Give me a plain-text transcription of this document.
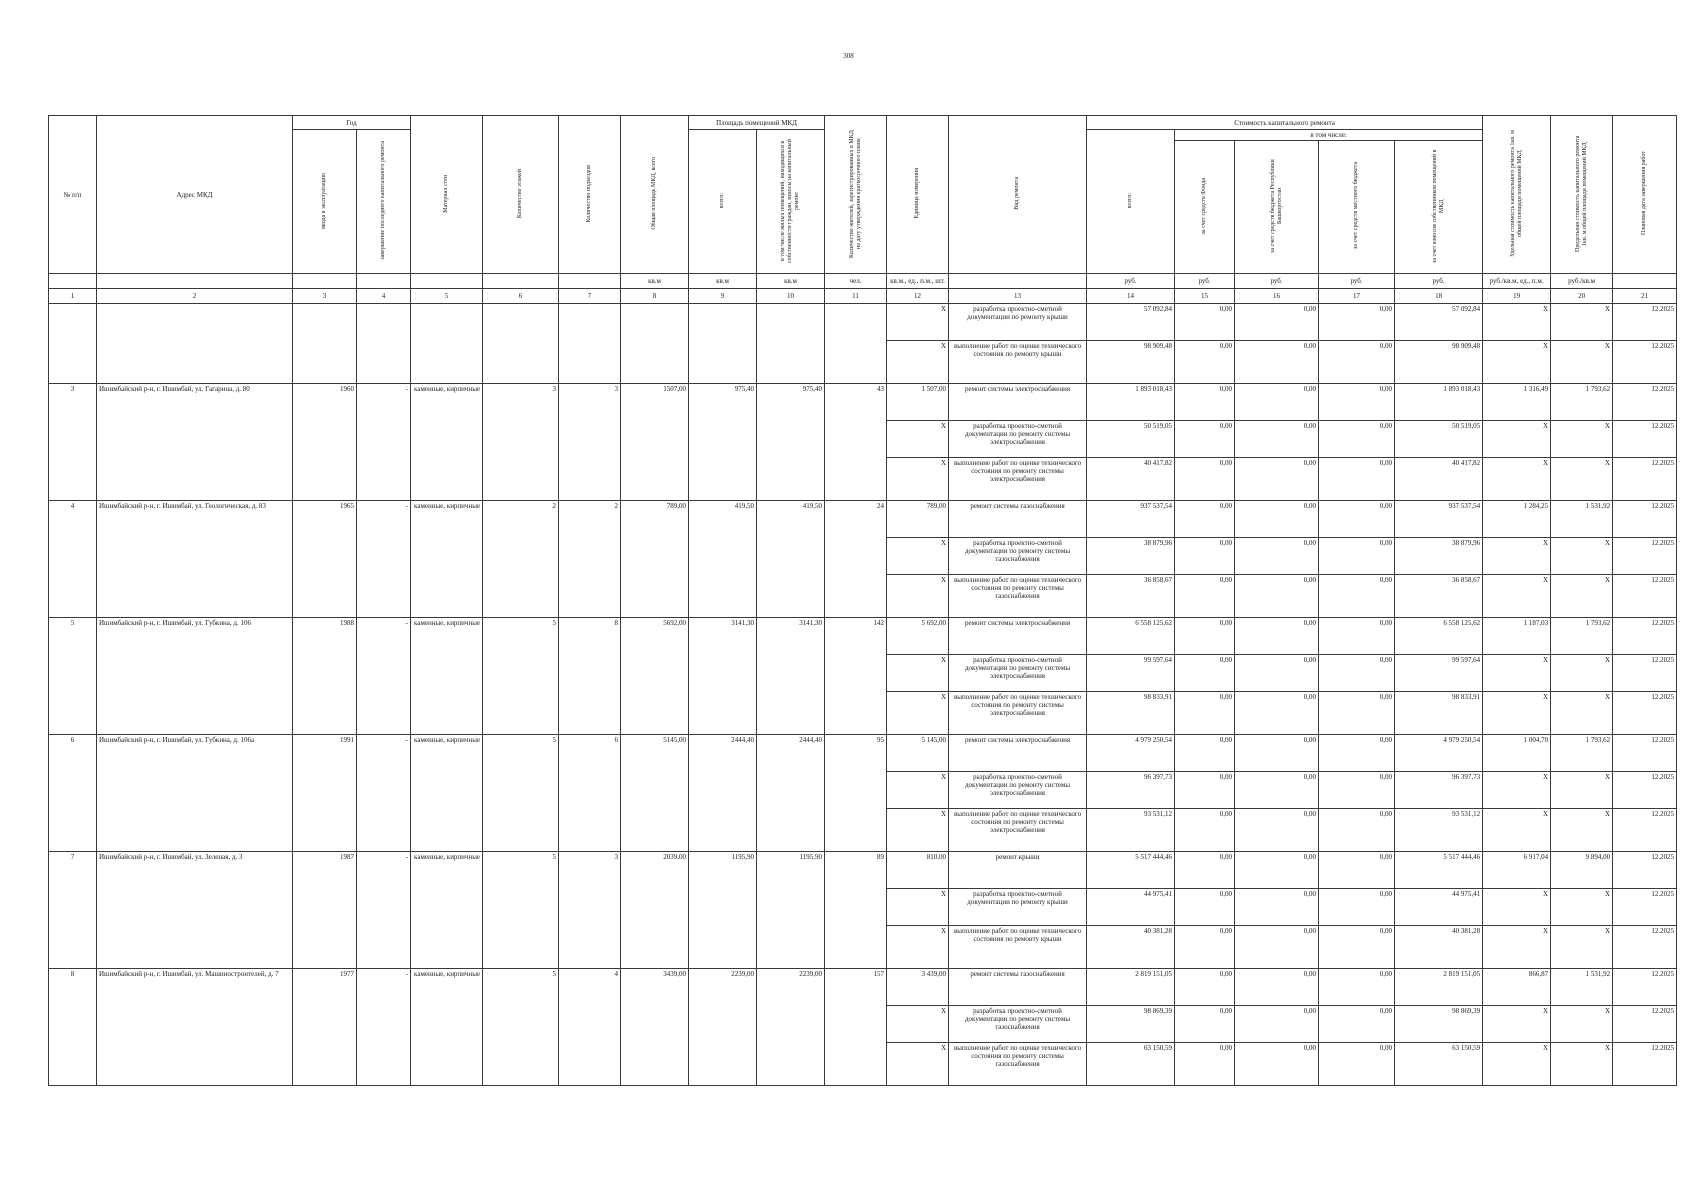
308
№ п/п	Адрес МКД	Год		Материал стен	Количество этажей	Количество подъездов	Общая площадь МКД, всего	Площадь помещений МКД		Количество жителей, зарегистрированных в МКД на дату утверждения краткосрочного плана	Единица измерения	Вид ремонта	Стоимость капитального ремонта					Удельная стоимость капитального ремонта 1кв. м общей площади помещений МКД	Предельная стоимость капитального ремонта 1кв. м общей площади помещений МКД	Плановая дата завершения работ
		ввода в эксплуатацию	завершение последнего капитального ремонта					всего:	в том числе жилых помещений, находящихся в собственности граждан, взносы на капитальный ремонт				всего:	в том числе:						
														за счет средств Фонда	за счет средств бюджета Республики Башкортостан	за счет средств местного бюджета	за счет взносов собственников помещений в МКД			
							кв.м	кв.м	кв.м	чел.	кв.м., ед., п.м., шт.		руб.	руб.	руб.	руб.	руб.	руб./кв.м, ед., п.м.	руб./кв.м	
1	2	3	4	5	6	7	8	9	10	11	12	13	14	15	16	17	18	19	20	21
											X	разработка проектно-сметной документации по ремонту крыши	57 092,84	0,00	0,00	0,00	57 092,84	X	X	12.2025
											X	выполнение работ по оценке технического состояния по ремонту крыши	98 909,48	0,00	0,00	0,00	98 909,48	X	X	12.2025
3	Ишимбайский р-н, г. Ишимбай, ул. Гагарина, д. 80	1960	-	каменные, кирпичные	3	3	1507,00	975,40	975,40	43	1 507,00	ремонт системы электроснабжения	1 893 018,43	0,00	0,00	0,00	1 893 018,43	1 316,49	1 793,62	12.2025
											X	разработка проектно-сметной документации по ремонту системы электроснабжения	50 519,05	0,00	0,00	0,00	50 519,05	X	X	12.2025
											X	выполнение работ по оценке технического состояния по ремонту системы электроснабжения	40 417,82	0,00	0,00	0,00	40 417,82	X	X	12.2025
4	Ишимбайский р-н, г. Ишимбай, ул. Геологическая, д. 83	1965	-	каменные, кирпичные	2	2	789,00	419,50	419,50	24	789,00	ремонт системы газоснабжения	937 537,54	0,00	0,00	0,00	937 537,54	1 284,25	1 531,92	12.2025
											X	разработка проектно-сметной документации по ремонту системы газоснабжения	38 879,96	0,00	0,00	0,00	38 879,96	X	X	12.2025
											X	выполнение работ по оценке технического состояния по ремонту системы газоснабжения	36 858,67	0,00	0,00	0,00	36 858,67	X	X	12.2025
5	Ишимбайский р-н, г. Ишимбай, ул. Губкина, д. 106	1988	-	каменные, кирпичные	5	8	5692,00	3141,30	3141,30	142	5 692,00	ремонт системы электроснабжения	6 558 125,62	0,00	0,00	0,00	6 558 125,62	1 187,03	1 793,62	12.2025
											X	разработка проектно-сметной документации по ремонту системы электроснабжения	99 597,64	0,00	0,00	0,00	99 597,64	X	X	12.2025
											X	выполнение работ по оценке технического состояния по ремонту системы электроснабжения	98 833,91	0,00	0,00	0,00	98 833,91	X	X	12.2025
6	Ишимбайский р-н, г. Ишимбай, ул. Губкина, д. 106а	1991	-	каменные, кирпичные	5	6	5145,00	2444,40	2444,40	95	5 145,00	ремонт системы электроснабжения	4 979 250,54	0,00	0,00	0,00	4 979 250,54	1 004,70	1 793,62	12.2025
											X	разработка проектно-сметной документации по ремонту системы электроснабжения	96 397,73	0,00	0,00	0,00	96 397,73	X	X	12.2025
											X	выполнение работ по оценке технического состояния по ремонту системы электроснабжения	93 531,12	0,00	0,00	0,00	93 531,12	X	X	12.2025
7	Ишимбайский р-н, г. Ишимбай, ул. Зеленая, д. 3	1987	-	каменные, кирпичные	5	3	2039,00	1195,90	1195,90	89	810,00	ремонт крыши	5 517 444,46	0,00	0,00	0,00	5 517 444,46	6 917,04	9 894,00	12.2025
											X	разработка проектно-сметной документации по ремонту крыши	44 975,41	0,00	0,00	0,00	44 975,41	X	X	12.2025
											X	выполнение работ по оценке технического состояния по ремонту крыши	40 381,28	0,00	0,00	0,00	40 381,28	X	X	12.2025
8	Ишимбайский р-н, г. Ишимбай, ул. Машиностроителей, д. 7	1977	-	каменные, кирпичные	5	4	3439,00	2239,00	2239,00	157	3 439,00	ремонт системы газоснабжения	2 819 151,05	0,00	0,00	0,00	2 819 151,05	866,87	1 531,92	12.2025
											X	разработка проектно-сметной документации по ремонту системы газоснабжения	98 869,39	0,00	0,00	0,00	98 869,39	X	X	12.2025
											X	выполнение работ по оценке технического состояния по ремонту системы газоснабжения	63 150,59	0,00	0,00	0,00	63 150,59	X	X	12.2025
